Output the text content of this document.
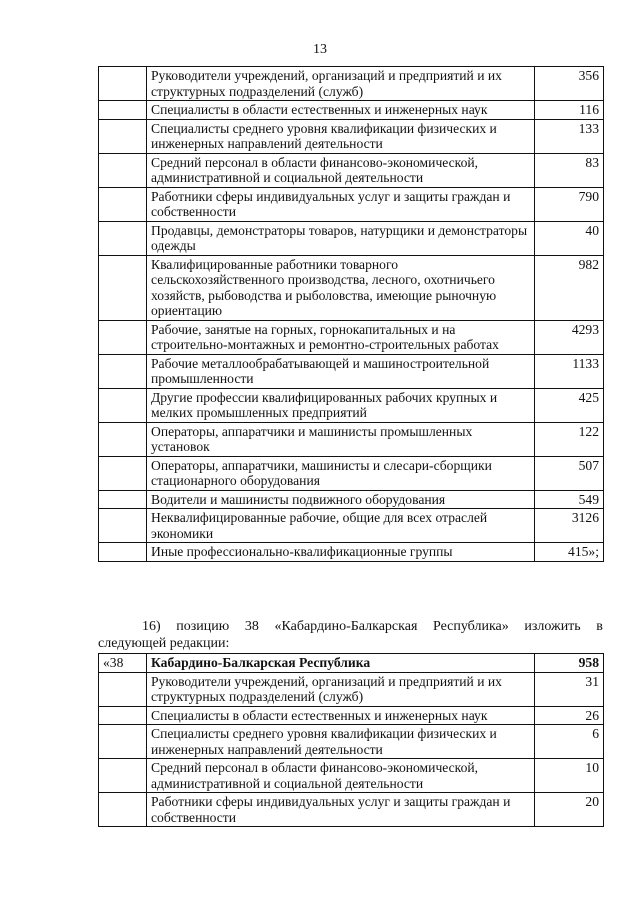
13
	Руководители учреждений, организаций и предприятий и их структурных подразделений (служб)	356
	Специалисты в области естественных и инженерных наук	116
	Специалисты среднего уровня квалификации физических и инженерных направлений деятельности	133
	Средний персонал в области финансово-экономической, административной и социальной деятельности	83
	Работники сферы индивидуальных услуг и защиты граждан и собственности	790
	Продавцы, демонстраторы товаров, натурщики и демонстраторы одежды	40
	Квалифицированные работники товарного сельскохозяйственного производства, лесного, охотничьего хозяйств, рыбоводства и рыболовства, имеющие рыночную ориентацию	982
	Рабочие, занятые на горных, горнокапитальных и на строительно-монтажных и ремонтно-строительных работах	4293
	Рабочие металлообрабатывающей и машиностроительной промышленности	1133
	Другие профессии квалифицированных рабочих крупных и мелких промышленных предприятий	425
	Операторы, аппаратчики и машинисты промышленных установок	122
	Операторы, аппаратчики, машинисты и слесари-сборщики стационарного оборудования	507
	Водители и машинисты подвижного оборудования	549
	Неквалифицированные рабочие, общие для всех отраслей экономики	3126
	Иные профессионально-квалификационные группы	415»;
16) позицию 38 «Кабардино-Балкарская Республика» изложить в
следующей редакции:
«38	Кабардино-Балкарская Республика	958
	Руководители учреждений, организаций и предприятий и их структурных подразделений (служб)	31
	Специалисты в области естественных и инженерных наук	26
	Специалисты среднего уровня квалификации физических и инженерных направлений деятельности	6
	Средний персонал в области финансово-экономической, административной и социальной деятельности	10
	Работники сферы индивидуальных услуг и защиты граждан и собственности	20
